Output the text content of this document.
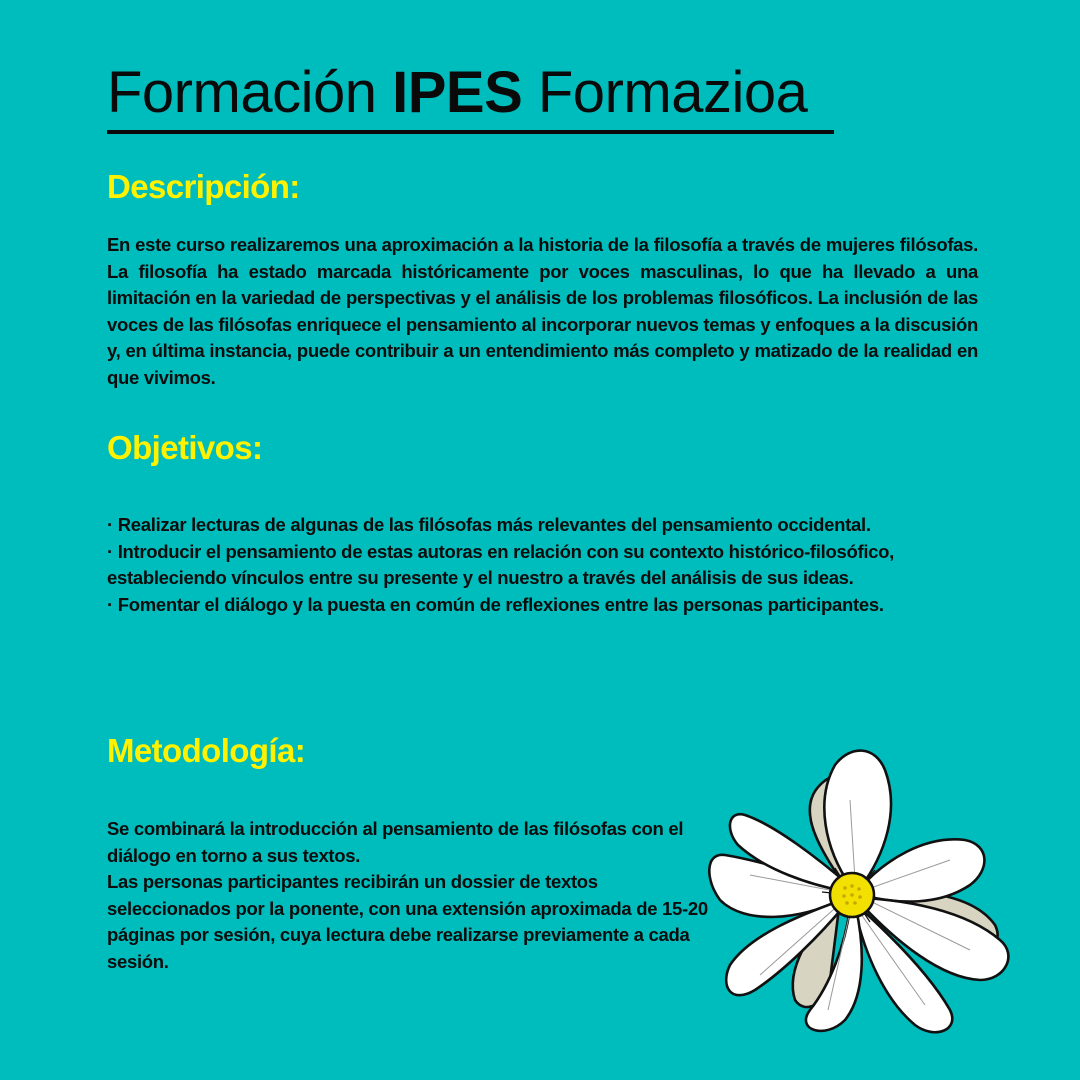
Formación IPES Formazioa
Descripción:

En este curso realizaremos una aproximación a la historia de la filosofía a través de mujeres filósofas. La filosofía ha estado marcada históricamente por voces masculinas, lo que ha llevado a una limitación en la variedad de perspectivas y el análisis de los problemas filosóficos. La inclusión de las voces de las filósofas enriquece el pensamiento al incorporar nuevos temas y enfoques a la discusión y, en última instancia, puede contribuir a un entendimiento más completo y matizado de la realidad en que vivimos.

Objetivos:
· Realizar lecturas de algunas de las filósofas más relevantes del pensamiento occidental.
· Introducir el pensamiento de estas autoras en relación con su contexto histórico-filosófico, estableciendo vínculos entre su presente y el nuestro a través del análisis de sus ideas.
· Fomentar el diálogo y la puesta en común de reflexiones entre las personas participantes.
Metodología:

Se combinará la introducción al pensamiento de las filósofas con el diálogo en torno a sus textos.

Las personas participantes recibirán un dossier de textos seleccionados por la ponente, con una extensión aproximada de 15-20 páginas por sesión, cuya lectura debe realizarse previamente a cada sesión.
